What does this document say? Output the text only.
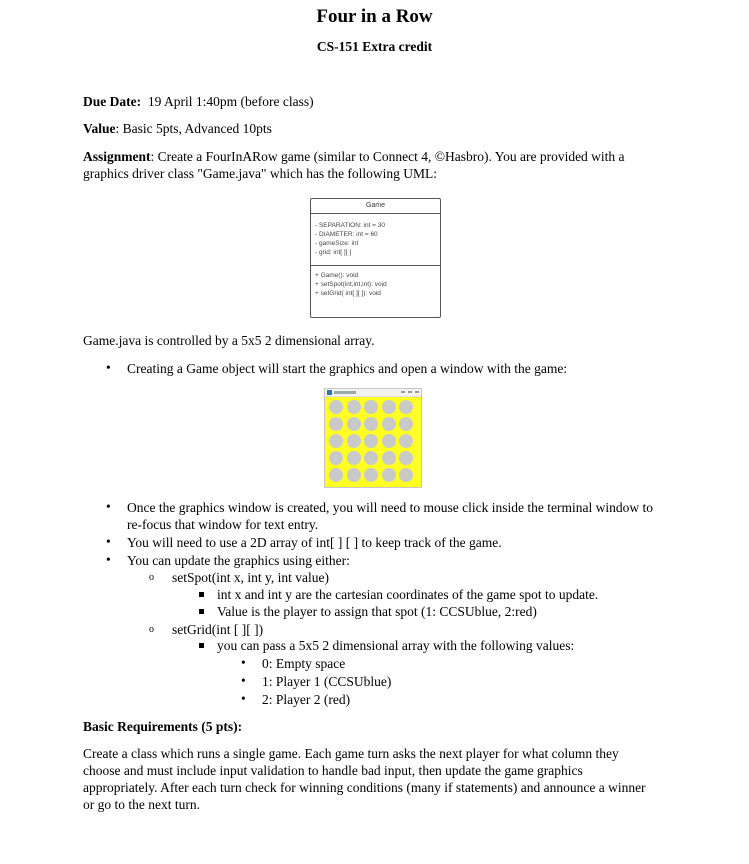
Four in a Row
CS-151 Extra credit
Due Date: 19 April 1:40pm (before class)
Value: Basic 5pts, Advanced 10pts
Assignment: Create a FourInARow game (similar to Connect 4, ©Hasbro). You are provided with a
graphics driver class "Game.java" which has the following UML:
Game
- SEPARATION: int = 30
- DIAMETER: int = 60
- gameSize: int
- grid: int[ ][ ]
+ Game(): void
+ setSpot(int,int,int): void
+ setGrid( int[ ][ ]): void
Game.java is controlled by a 5x5 2 dimensional array.
• Creating a Game object will start the graphics and open a window with the game:
• Once the graphics window is created, you will need to mouse click inside the terminal window to
re-focus that window for text entry.
• You will need to use a 2D array of int[ ] [ ] to keep track of the game.
• You can update the graphics using either:
o setSpot(int x, int y, int value)
int x and int y are the cartesian coordinates of the game spot to update.
Value is the player to assign that spot (1: CCSUblue, 2:red)
o setGrid(int [ ][ ])
you can pass a 5x5 2 dimensional array with the following values:
• 0: Empty space
• 1: Player 1 (CCSUblue)
• 2: Player 2 (red)
Basic Requirements (5 pts):
Create a class which runs a single game. Each game turn asks the next player for what column they
choose and must include input validation to handle bad input, then update the game graphics
appropriately. After each turn check for winning conditions (many if statements) and announce a winner
or go to the next turn.
